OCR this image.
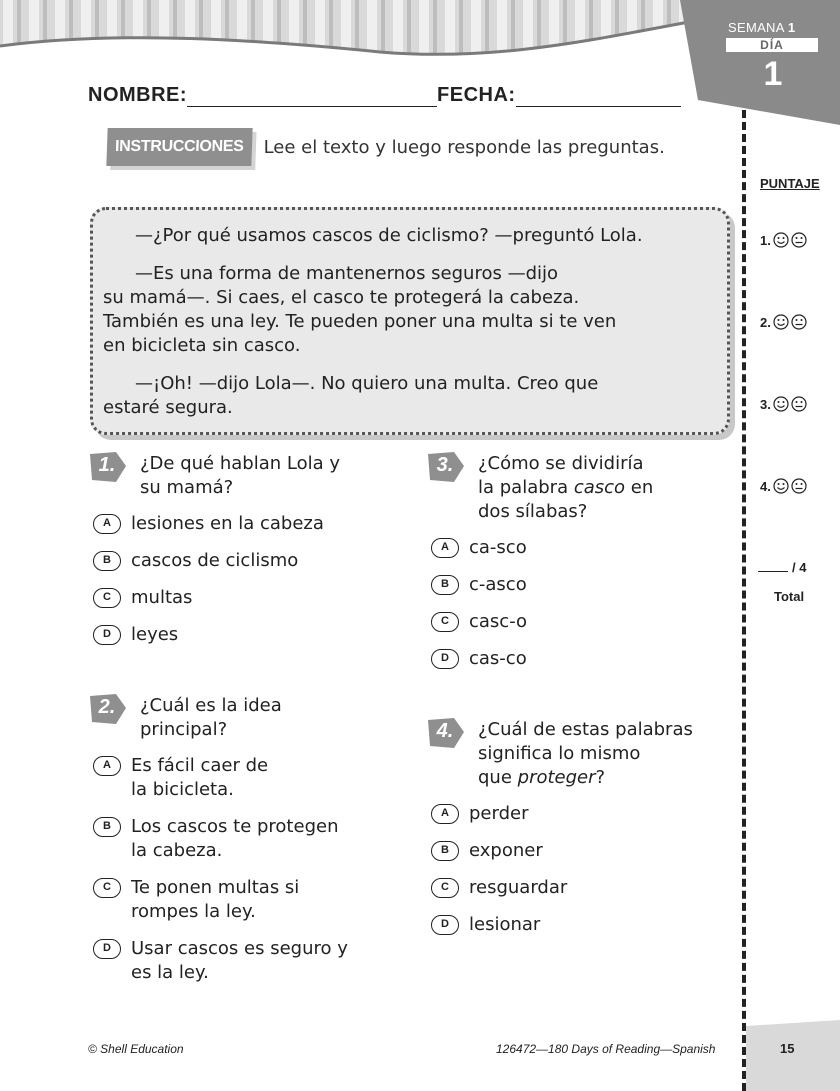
SEMANA 1
DÍA
1
NOMBRE:	FECHA:
INSTRUCCIONES	Lee el texto y luego responde las preguntas.

—¿Por qué usamos cascos de ciclismo? —preguntó Lola.

—Es una forma de mantenernos seguros —dijo
su mamá—. Si caes, el casco te protegerá la cabeza.
También es una ley. Te pueden poner una multa si te ven
en bicicleta sin casco.

—¡Oh! —dijo Lola—. No quiero una multa. Creo que
estaré segura.

1.	¿De qué hablan Lola y
su mamá?
A	lesiones en la cabeza
B	cascos de ciclismo
C	multas
D	leyes
2.	¿Cuál es la idea
principal?
A	Es fácil caer de
la bicicleta.
B	Los cascos te protegen
la cabeza.
C	Te ponen multas si
rompes la ley.
D	Usar cascos es seguro y
es la ley.
3.	¿Cómo se dividiría
la palabra casco en
dos sílabas?
A	ca-sco
B	c-asco
C	casc-o
D	cas-co
4.	¿Cuál de estas palabras
significa lo mismo
que proteger?
A	perder
B	exponer
C	resguardar
D	lesionar
PUNTAJE
1.
2.
3.
4.
/ 4
Total
© Shell Education	126472—180 Days of Reading—Spanish	15
